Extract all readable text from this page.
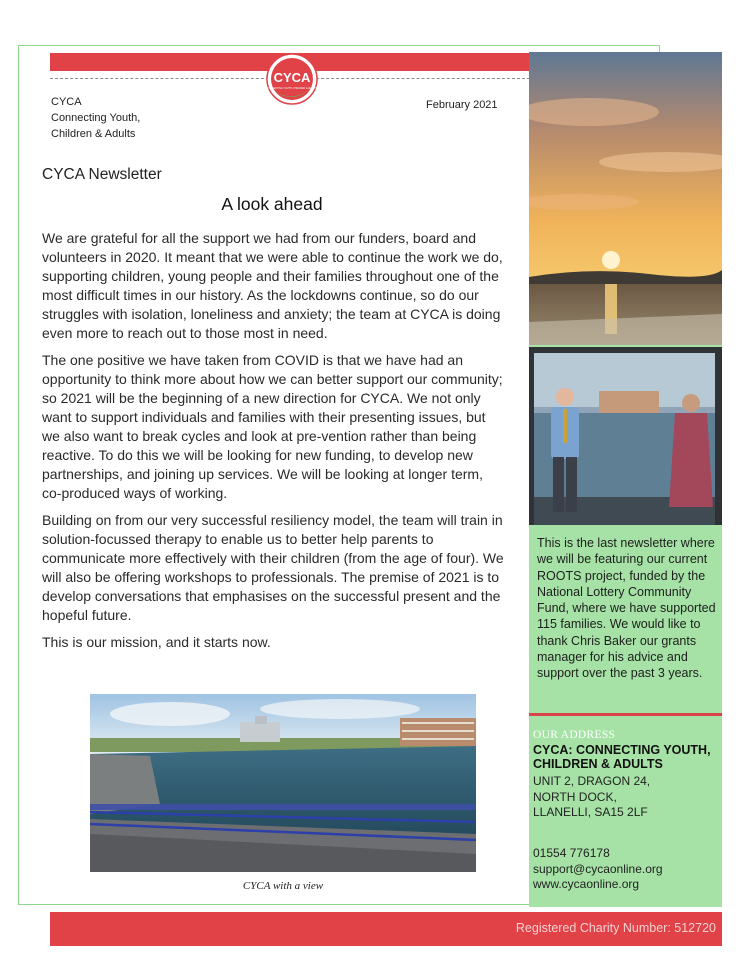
CYCA
CONNECTING YOUTH, CHILDREN & ADULTS
CYCA
Connecting Youth,
Children & Adults
February 2021
CYCA Newsletter
A look ahead

We are grateful for all the support we had from our funders, board and volunteers in 2020. It meant that we were able to continue the work we do, supporting children, young people and their families throughout one of the most difficult times in our history. As the lockdowns continue, so do our struggles with isolation, loneliness and anxiety; the team at CYCA is doing even more to reach out to those most in need.

The one positive we have taken from COVID is that we have had an opportunity to think more about how we can better support our community; so 2021 will be the beginning of a new direction for CYCA. We not only want to support individuals and families with their presenting issues, but we also want to break cycles and look at pre-vention rather than being reactive. To do this we will be looking for new funding, to develop new partnerships, and joining up services. We will be looking at longer term, co-produced ways of working.

Building on from our very successful resiliency model, the team will train in solution-focussed therapy to enable us to better help parents to communicate more effectively with their children (from the age of four). We will also be offering workshops to professionals. The premise of 2021 is to develop conversations that emphasises on the successful present and the hopeful future.

This is our mission, and it starts now.

CYCA with a view
This is the last newsletter where we will be featuring our current ROOTS project, funded by the National Lottery Community Fund, where we have supported 115 families. We would like to thank Chris Baker our grants manager for his advice and support over the past 3 years.
OUR ADDRESS
CYCA: CONNECTING YOUTH, CHILDREN & ADULTS
UNIT 2, DRAGON 24,
NORTH DOCK,
LLANELLI, SA15 2LF
01554 776178
support@cycaonline.org
www.cycaonline.org
Registered Charity Number: 512720
